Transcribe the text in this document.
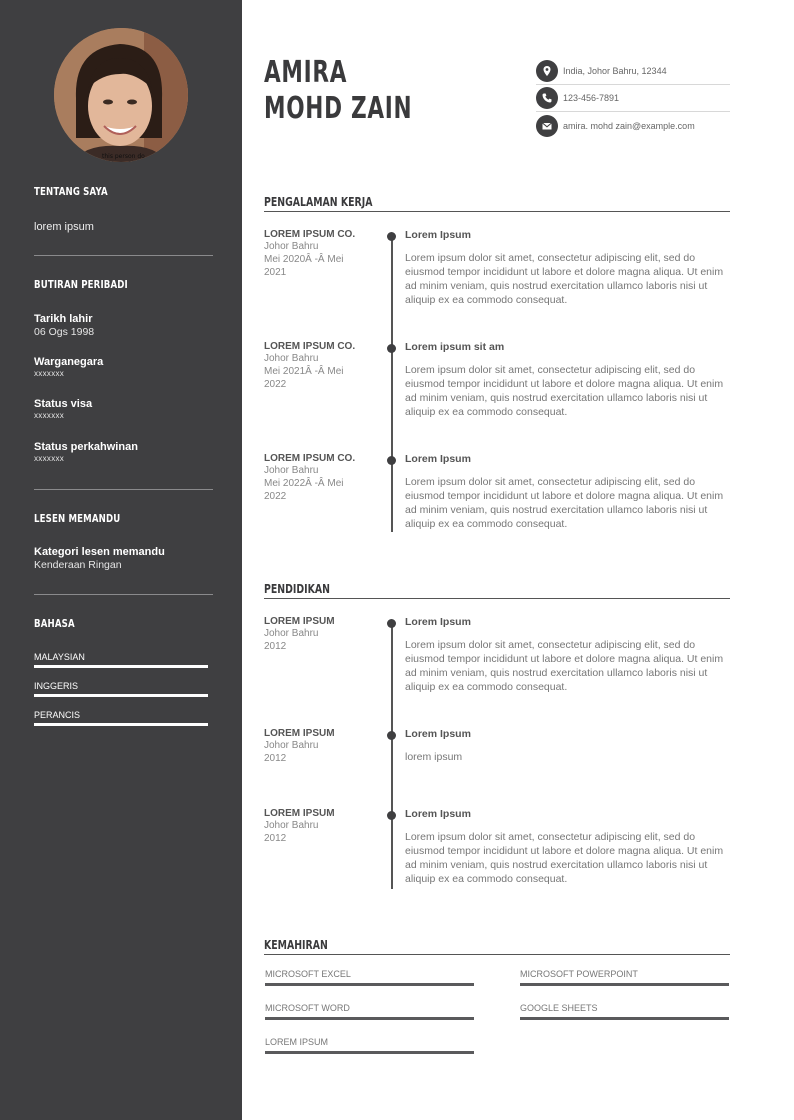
this person do
TENTANG SAYA
lorem ipsum
BUTIRAN PERIBADI
Tarikh lahir
06 Ogs 1998
Warganegara
xxxxxxx
Status visa
xxxxxxx
Status perkahwinan
xxxxxxx
LESEN MEMANDU
Kategori lesen memandu
Kenderaan Ringan
BAHASA
MALAYSIAN
INGGERIS
PERANCIS
AMIRA
MOHD ZAIN
India, Johor Bahru, 12344
123-456-7891
amira. mohd zain@example.com
PENGALAMAN KERJA
LOREM IPSUM CO.
Johor Bahru
Mei 2020Â -Â Mei
2021
Lorem Ipsum
Lorem ipsum dolor sit amet, consectetur adipiscing elit, sed do eiusmod tempor incididunt ut labore et dolore magna aliqua. Ut enim ad minim veniam, quis nostrud exercitation ullamco laboris nisi ut aliquip ex ea commodo consequat.
LOREM IPSUM CO.
Johor Bahru
Mei 2021Â -Â Mei
2022
Lorem ipsum sit am
Lorem ipsum dolor sit amet, consectetur adipiscing elit, sed do eiusmod tempor incididunt ut labore et dolore magna aliqua. Ut enim ad minim veniam, quis nostrud exercitation ullamco laboris nisi ut aliquip ex ea commodo consequat.
LOREM IPSUM CO.
Johor Bahru
Mei 2022Â -Â Mei
2022
Lorem Ipsum
Lorem ipsum dolor sit amet, consectetur adipiscing elit, sed do eiusmod tempor incididunt ut labore et dolore magna aliqua. Ut enim ad minim veniam, quis nostrud exercitation ullamco laboris nisi ut aliquip ex ea commodo consequat.
PENDIDIKAN
LOREM IPSUM
Johor Bahru
2012
Lorem Ipsum
Lorem ipsum dolor sit amet, consectetur adipiscing elit, sed do eiusmod tempor incididunt ut labore et dolore magna aliqua. Ut enim ad minim veniam, quis nostrud exercitation ullamco laboris nisi ut aliquip ex ea commodo consequat.
LOREM IPSUM
Johor Bahru
2012
Lorem Ipsum
lorem ipsum
LOREM IPSUM
Johor Bahru
2012
Lorem Ipsum
Lorem ipsum dolor sit amet, consectetur adipiscing elit, sed do eiusmod tempor incididunt ut labore et dolore magna aliqua. Ut enim ad minim veniam, quis nostrud exercitation ullamco laboris nisi ut aliquip ex ea commodo consequat.
KEMAHIRAN
MICROSOFT EXCEL	MICROSOFT POWERPOINT
MICROSOFT WORD	GOOGLE SHEETS
LOREM IPSUM
